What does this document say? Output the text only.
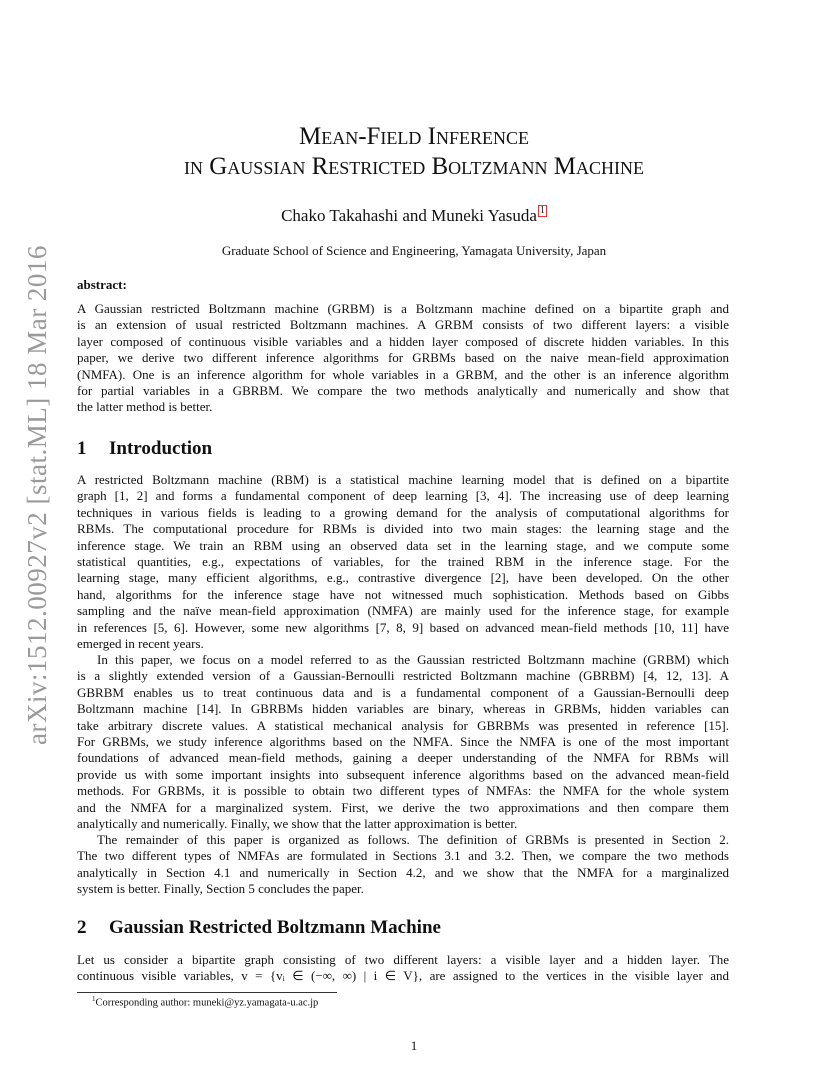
arXiv:1512.00927v2 [stat.ML] 18 Mar 2016
Mean-Field Inference
in Gaussian Restricted Boltzmann Machine
Chako Takahashi and Muneki Yasuda 1
Graduate School of Science and Engineering, Yamagata University, Japan
abstract:
A Gaussian restricted Boltzmann machine (GRBM) is a Boltzmann machine defined on a bipartite graph and
is an extension of usual restricted Boltzmann machines. A GRBM consists of two different layers: a visible
layer composed of continuous visible variables and a hidden layer composed of discrete hidden variables. In this
paper, we derive two different inference algorithms for GRBMs based on the naive mean-field approximation
(NMFA). One is an inference algorithm for whole variables in a GRBM, and the other is an inference algorithm
for partial variables in a GBRBM. We compare the two methods analytically and numerically and show that
the latter method is better.
1 Introduction
A restricted Boltzmann machine (RBM) is a statistical machine learning model that is defined on a bipartite
graph [1, 2] and forms a fundamental component of deep learning [3, 4]. The increasing use of deep learning
techniques in various fields is leading to a growing demand for the analysis of computational algorithms for
RBMs. The computational procedure for RBMs is divided into two main stages: the learning stage and the
inference stage. We train an RBM using an observed data set in the learning stage, and we compute some
statistical quantities, e.g., expectations of variables, for the trained RBM in the inference stage. For the
learning stage, many efficient algorithms, e.g., contrastive divergence [2], have been developed. On the other
hand, algorithms for the inference stage have not witnessed much sophistication. Methods based on Gibbs
sampling and the naïve mean-field approximation (NMFA) are mainly used for the inference stage, for example
in references [5, 6]. However, some new algorithms [7, 8, 9] based on advanced mean-field methods [10, 11] have
emerged in recent years.
In this paper, we focus on a model referred to as the Gaussian restricted Boltzmann machine (GRBM) which
is a slightly extended version of a Gaussian-Bernoulli restricted Boltzmann machine (GBRBM) [4, 12, 13]. A
GBRBM enables us to treat continuous data and is a fundamental component of a Gaussian-Bernoulli deep
Boltzmann machine [14]. In GBRBMs hidden variables are binary, whereas in GRBMs, hidden variables can
take arbitrary discrete values. A statistical mechanical analysis for GBRBMs was presented in reference [15].
For GRBMs, we study inference algorithms based on the NMFA. Since the NMFA is one of the most important
foundations of advanced mean-field methods, gaining a deeper understanding of the NMFA for RBMs will
provide us with some important insights into subsequent inference algorithms based on the advanced mean-field
methods. For GRBMs, it is possible to obtain two different types of NMFAs: the NMFA for the whole system
and the NMFA for a marginalized system. First, we derive the two approximations and then compare them
analytically and numerically. Finally, we show that the latter approximation is better.
The remainder of this paper is organized as follows. The definition of GRBMs is presented in Section 2.
The two different types of NMFAs are formulated in Sections 3.1 and 3.2. Then, we compare the two methods
analytically in Section 4.1 and numerically in Section 4.2, and we show that the NMFA for a marginalized
system is better. Finally, Section 5 concludes the paper.
2 Gaussian Restricted Boltzmann Machine
Let us consider a bipartite graph consisting of two different layers: a visible layer and a hidden layer. The
continuous visible variables, v = {vᵢ ∈ (−∞, ∞) | i ∈ V}, are assigned to the vertices in the visible layer and
$^1$Corresponding author: muneki@yz.yamagata-u.ac.jp
1
